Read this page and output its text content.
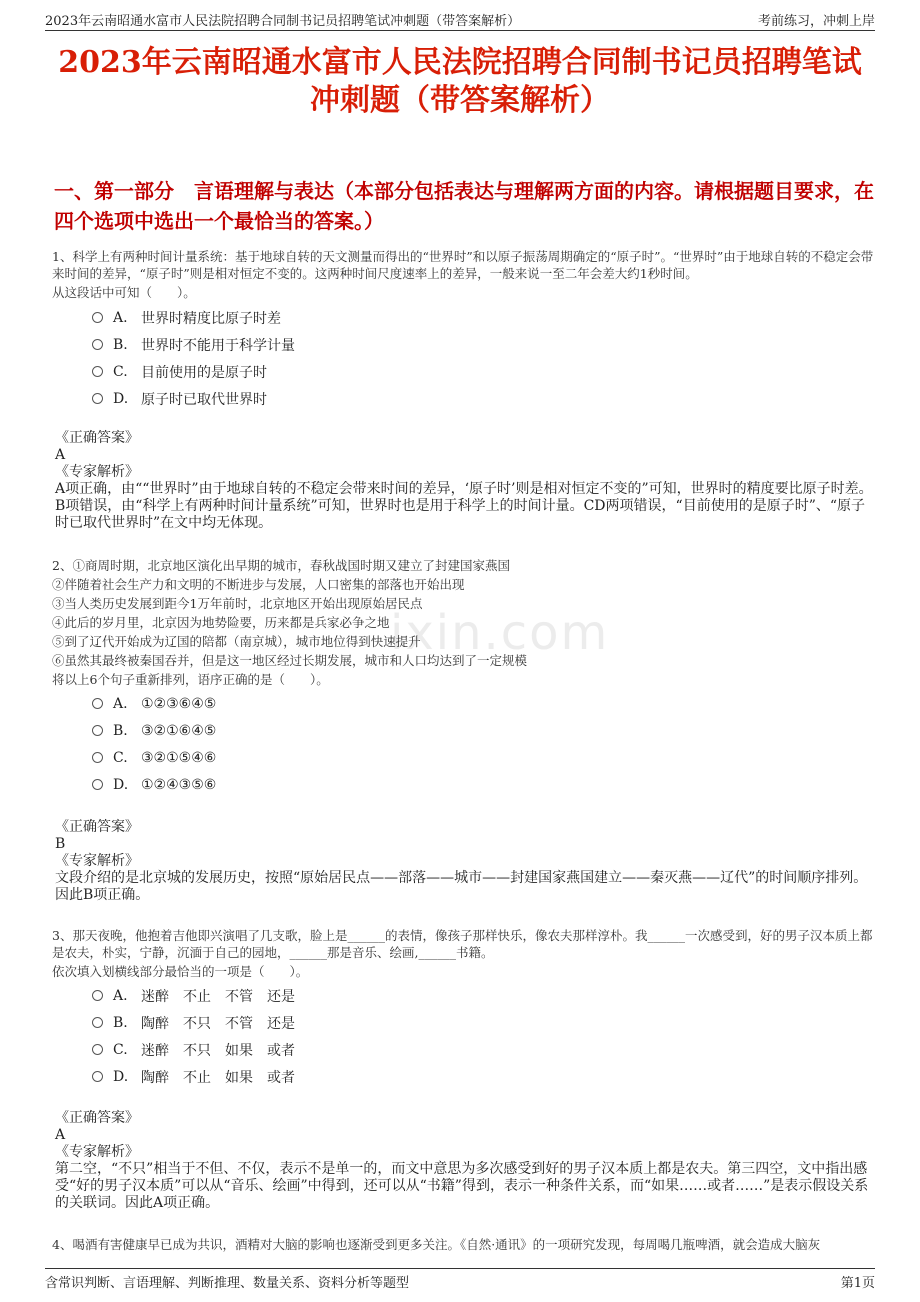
2023年云南昭通水富市人民法院招聘合同制书记员招聘笔试冲刺题（带答案解析）	考前练习，冲刺上岸
2023年云南昭通水富市人民法院招聘合同制书记员招聘笔试冲刺题（带答案解析）
一、第一部分　言语理解与表达（本部分包括表达与理解两方面的内容。请根据题目要求，在四个选项中选出一个最恰当的答案。）
ixin.com

1、科学上有两种时间计量系统：基于地球自转的天文测量而得出的“世界时”和以原子振荡周期确定的“原子时”。“世界时”由于地球自转的不稳定会带来时间的差异，“原子时”则是相对恒定不变的。这两种时间尺度速率上的差异，一般来说一至二年会差大约1秒时间。

从这段话中可知（　　）。

A. 世界时精度比原子时差
B. 世界时不能用于科学计量
C. 目前使用的是原子时
D. 原子时已取代世界时

《正确答案》

A

《专家解析》

A项正确，由““世界时”由于地球自转的不稳定会带来时间的差异，‘原子时’则是相对恒定不变的”可知，世界时的精度要比原子时差。B项错误，由“科学上有两种时间计量系统”可知，世界时也是用于科学上的时间计量。CD两项错误，“目前使用的是原子时”、“原子时已取代世界时”在文中均无体现。

2、①商周时期，北京地区演化出早期的城市，春秋战国时期又建立了封建国家燕国

②伴随着社会生产力和文明的不断进步与发展，人口密集的部落也开始出现

③当人类历史发展到距今1万年前时，北京地区开始出现原始居民点

④此后的岁月里，北京因为地势险要，历来都是兵家必争之地

⑤到了辽代开始成为辽国的陪都（南京城），城市地位得到快速提升

⑥虽然其最终被秦国吞并，但是这一地区经过长期发展，城市和人口均达到了一定规模

将以上6个句子重新排列，语序正确的是（　　）。

A. ①②③⑥④⑤
B. ③②①⑥④⑤
C. ③②①⑤④⑥
D. ①②④③⑤⑥

《正确答案》

B

《专家解析》

文段介绍的是北京城的发展历史，按照“原始居民点——部落——城市——封建国家燕国建立——秦灭燕——辽代”的时间顺序排列。因此B项正确。

3、那天夜晚，他抱着吉他即兴演唱了几支歌，脸上是______的表情，像孩子那样快乐，像农夫那样淳朴。我______一次感受到，好的男子汉本质上都是农夫，朴实，宁静，沉湎于自己的园地，______那是音乐、绘画,______书籍。

依次填入划横线部分最恰当的一项是（　　）。

A. 迷醉　不止　不管　还是
B. 陶醉　不只　不管　还是
C. 迷醉　不只　如果　或者
D. 陶醉　不止　如果　或者

《正确答案》

A

《专家解析》

第二空，“不只”相当于不但、不仅，表示不是单一的，而文中意思为多次感受到好的男子汉本质上都是农夫。第三四空，文中指出感受“好的男子汉本质”可以从“音乐、绘画”中得到，还可以从“书籍”得到，表示一种条件关系，而“如果……或者……”是表示假设关系的关联词。因此A项正确。

4、喝酒有害健康早已成为共识，酒精对大脑的影响也逐渐受到更多关注。《自然·通讯》的一项研究发现，每周喝几瓶啤酒，就会造成大脑灰

含常识判断、言语理解、判断推理、数量关系、资料分析等题型	第1页
